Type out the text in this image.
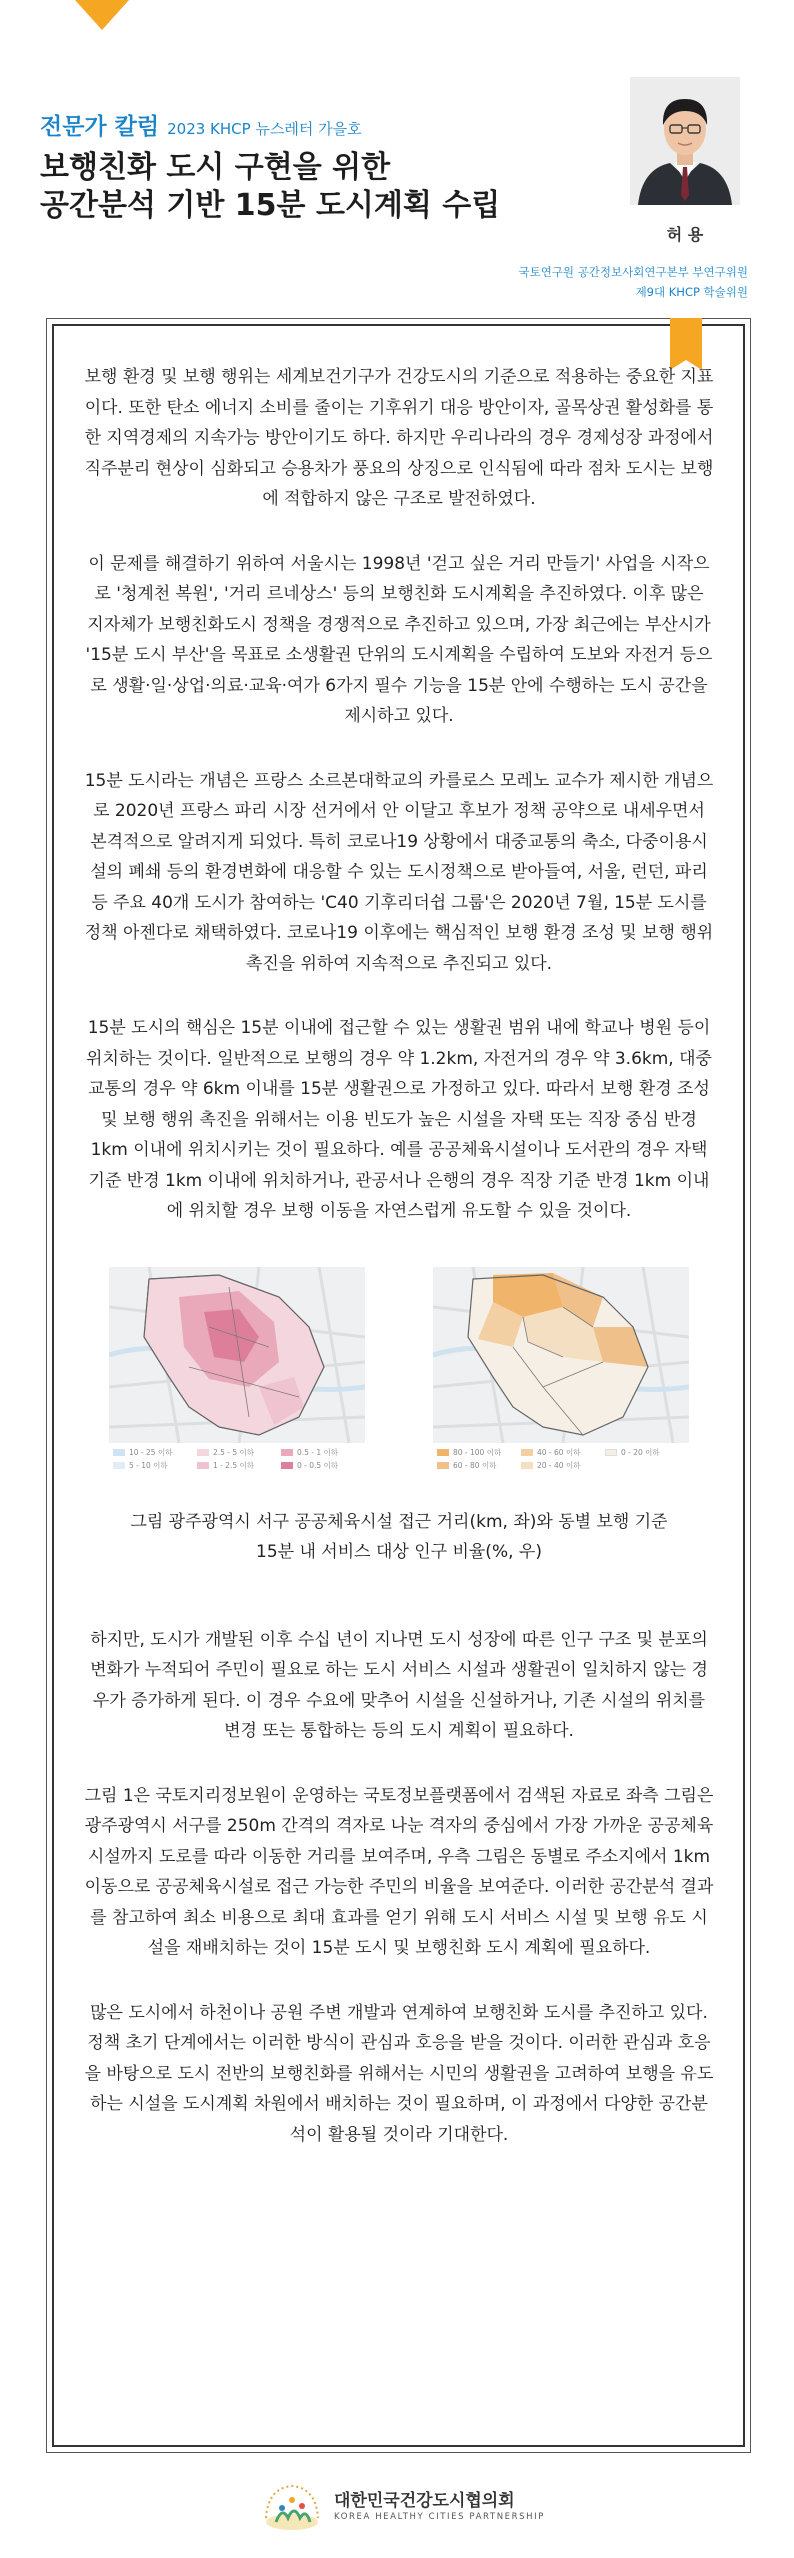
전문가 칼럼 2023 KHCP 뉴스레터 가을호
보행친화 도시 구현을 위한
공간분석 기반 15분 도시계획 수립
허 용
국토연구원 공간정보사회연구본부 부연구위원
제9대 KHCP 학술위원

보행 환경 및 보행 행위는 세계보건기구가 건강도시의 기준으로 적용하는 중요한 지표이다. 또한 탄소 에너지 소비를 줄이는 기후위기 대응 방안이자, 골목상권 활성화를 통한 지역경제의 지속가능 방안이기도 하다. 하지만 우리나라의 경우 경제성장 과정에서 직주분리 현상이 심화되고 승용차가 풍요의 상징으로 인식됨에 따라 점차 도시는 보행에 적합하지 않은 구조로 발전하였다.

이 문제를 해결하기 위하여 서울시는 1998년 '걷고 싶은 거리 만들기' 사업을 시작으로 '청계천 복원', '거리 르네상스' 등의 보행친화 도시계획을 추진하였다. 이후 많은 지자체가 보행친화도시 정책을 경쟁적으로 추진하고 있으며, 가장 최근에는 부산시가 '15분 도시 부산'을 목표로 소생활권 단위의 도시계획을 수립하여 도보와 자전거 등으로 생활·일·상업·의료·교육·여가 6가지 필수 기능을 15분 안에 수행하는 도시 공간을 제시하고 있다.

15분 도시라는 개념은 프랑스 소르본대학교의 카를로스 모레노 교수가 제시한 개념으로 2020년 프랑스 파리 시장 선거에서 안 이달고 후보가 정책 공약으로 내세우면서 본격적으로 알려지게 되었다. 특히 코로나19 상황에서 대중교통의 축소, 다중이용시설의 폐쇄 등의 환경변화에 대응할 수 있는 도시정책으로 받아들여, 서울, 런던, 파리 등 주요 40개 도시가 참여하는 'C40 기후리더쉽 그룹'은 2020년 7월, 15분 도시를 정책 아젠다로 채택하였다. 코로나19 이후에는 핵심적인 보행 환경 조성 및 보행 행위 촉진을 위하여 지속적으로 추진되고 있다.

15분 도시의 핵심은 15분 이내에 접근할 수 있는 생활권 범위 내에 학교나 병원 등이 위치하는 것이다. 일반적으로 보행의 경우 약 1.2km, 자전거의 경우 약 3.6km, 대중교통의 경우 약 6km 이내를 15분 생활권으로 가정하고 있다. 따라서 보행 환경 조성 및 보행 행위 촉진을 위해서는 이용 빈도가 높은 시설을 자택 또는 직장 중심 반경 1km 이내에 위치시키는 것이 필요하다. 예를 공공체육시설이나 도서관의 경우 자택 기준 반경 1km 이내에 위치하거나, 관공서나 은행의 경우 직장 기준 반경 1km 이내에 위치할 경우 보행 이동을 자연스럽게 유도할 수 있을 것이다.

10 - 25 이하	2.5 - 5 이하	0.5 - 1 이하
5 - 10 이하	1 - 2.5 이하	0 - 0.5 이하
80 - 100 이하	40 - 60 이하	0 - 20 이하
60 - 80 이하	20 - 40 이하
그림 광주광역시 서구 공공체육시설 접근 거리(km, 좌)와 동별 보행 기준
15분 내 서비스 대상 인구 비율(%, 우)

하지만, 도시가 개발된 이후 수십 년이 지나면 도시 성장에 따른 인구 구조 및 분포의 변화가 누적되어 주민이 필요로 하는 도시 서비스 시설과 생활권이 일치하지 않는 경우가 증가하게 된다. 이 경우 수요에 맞추어 시설을 신설하거나, 기존 시설의 위치를 변경 또는 통합하는 등의 도시 계획이 필요하다.

그림 1은 국토지리정보원이 운영하는 국토정보플랫폼에서 검색된 자료로 좌측 그림은 광주광역시 서구를 250m 간격의 격자로 나눈 격자의 중심에서 가장 가까운 공공체육시설까지 도로를 따라 이동한 거리를 보여주며, 우측 그림은 동별로 주소지에서 1km 이동으로 공공체육시설로 접근 가능한 주민의 비율을 보여준다. 이러한 공간분석 결과를 참고하여 최소 비용으로 최대 효과를 얻기 위해 도시 서비스 시설 및 보행 유도 시설을 재배치하는 것이 15분 도시 및 보행친화 도시 계획에 필요하다.

많은 도시에서 하천이나 공원 주변 개발과 연계하여 보행친화 도시를 추진하고 있다. 정책 초기 단계에서는 이러한 방식이 관심과 호응을 받을 것이다. 이러한 관심과 호응을 바탕으로 도시 전반의 보행친화를 위해서는 시민의 생활권을 고려하여 보행을 유도하는 시설을 도시계획 차원에서 배치하는 것이 필요하며, 이 과정에서 다양한 공간분석이 활용될 것이라 기대한다.

대한민국건강도시협의회
KOREA HEALTHY CITIES PARTNERSHIP
